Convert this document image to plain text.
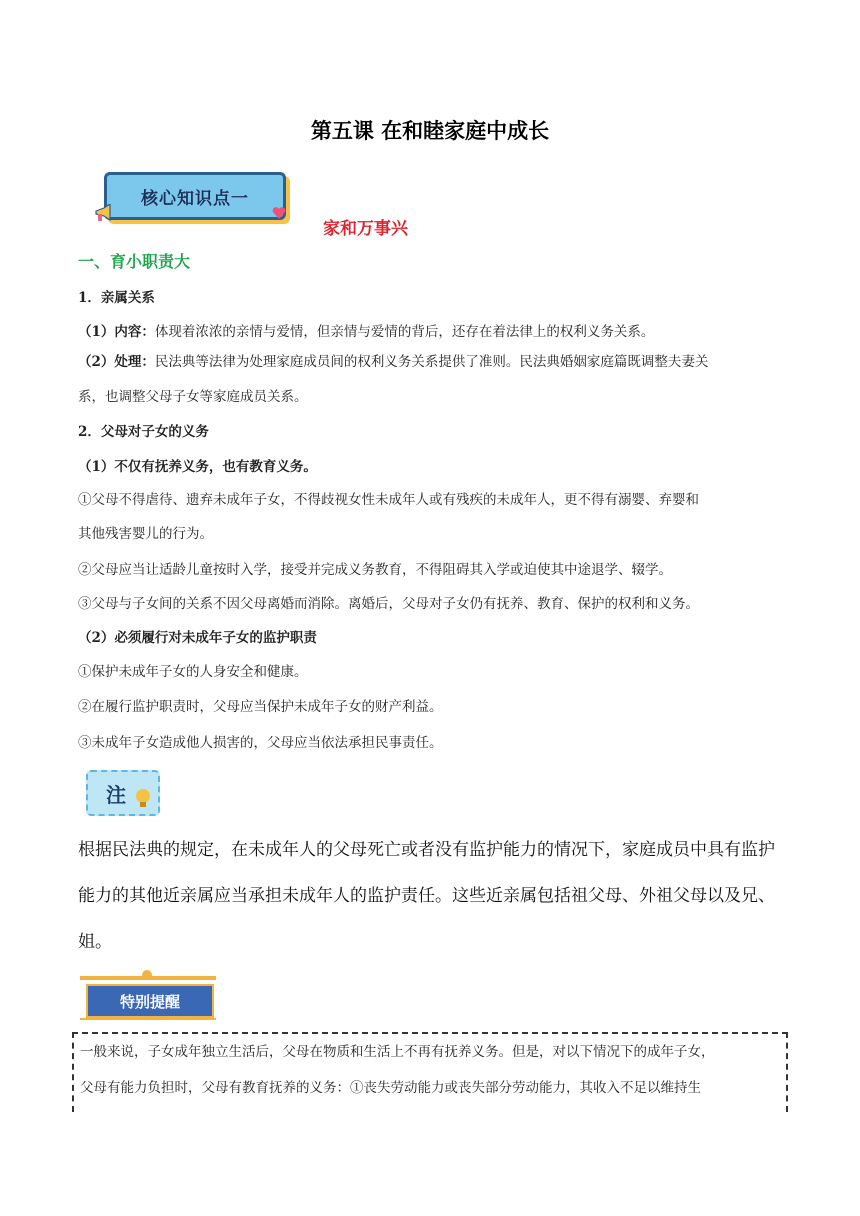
第五课 在和睦家庭中成长
核心知识点一
家和万事兴
一、育小职责大
1．亲属关系
（1）内容：体现着浓浓的亲情与爱情，但亲情与爱情的背后，还存在着法律上的权利义务关系。
（2）处理：民法典等法律为处理家庭成员间的权利义务关系提供了准则。民法典婚姻家庭篇既调整夫妻关
系，也调整父母子女等家庭成员关系。
2．父母对子女的义务
（1）不仅有抚养义务，也有教育义务。
①父母不得虐待、遗弃未成年子女，不得歧视女性未成年人或有残疾的未成年人，更不得有溺婴、弃婴和
其他残害婴儿的行为。
②父母应当让适龄儿童按时入学，接受并完成义务教育，不得阻碍其入学或迫使其中途退学、辍学。
③父母与子女间的关系不因父母离婚而消除。离婚后，父母对子女仍有抚养、教育、保护的权利和义务。
（2）必须履行对未成年子女的监护职责
①保护未成年子女的人身安全和健康。
②在履行监护职责时，父母应当保护未成年子女的财产利益。
③未成年子女造成他人损害的，父母应当依法承担民事责任。
注
根据民法典的规定，在未成年人的父母死亡或者没有监护能力的情况下，家庭成员中具有监护
能力的其他近亲属应当承担未成年人的监护责任。这些近亲属包括祖父母、外祖父母以及兄、
姐。
特别提醒
一般来说，子女成年独立生活后，父母在物质和生活上不再有抚养义务。但是，对以下情况下的成年子女，
父母有能力负担时，父母有教育抚养的义务：①丧失劳动能力或丧失部分劳动能力，其收入不足以维持生
